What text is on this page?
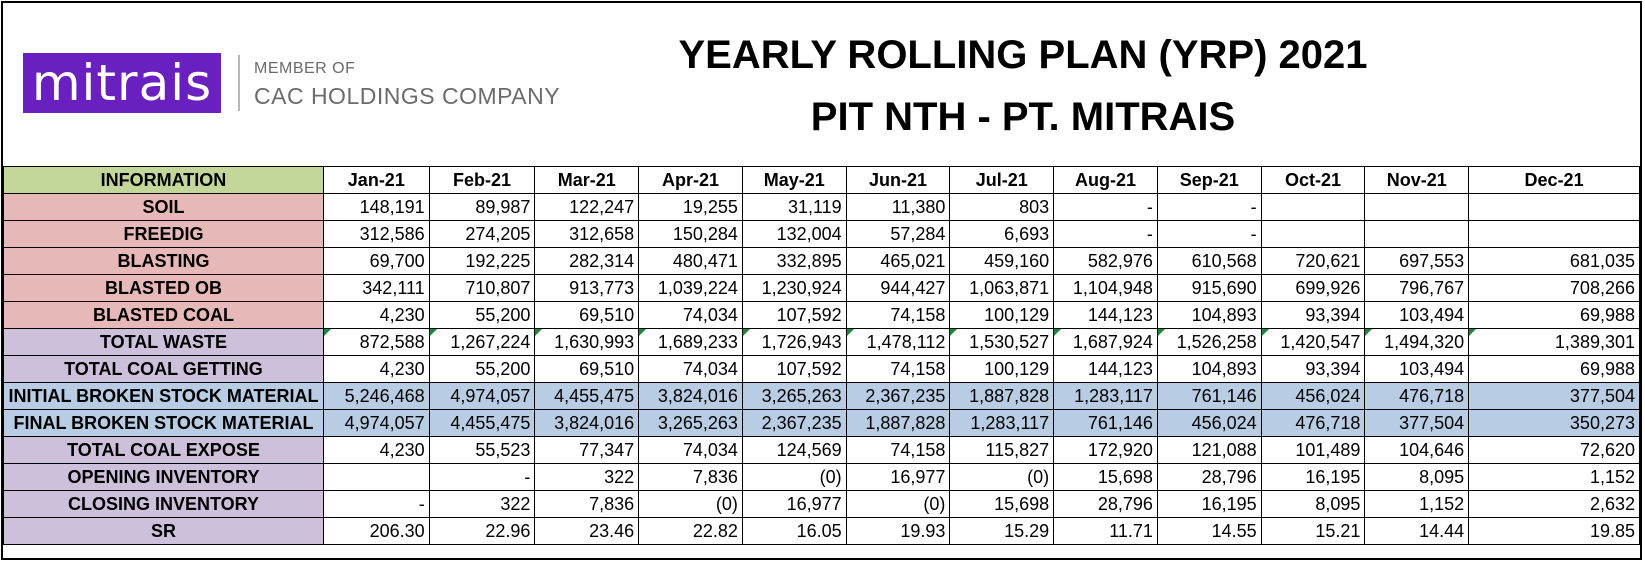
mitrais	MEMBER OF
CAC HOLDINGS COMPANY
YEARLY ROLLING PLAN (YRP) 2021
PIT NTH - PT. MITRAIS
INFORMATION	Jan-21	Feb-21	Mar-21	Apr-21	May-21	Jun-21	Jul-21	Aug-21	Sep-21	Oct-21	Nov-21	Dec-21
SOIL	148,191	89,987	122,247	19,255	31,119	11,380	803	-	-			
FREEDIG	312,586	274,205	312,658	150,284	132,004	57,284	6,693	-	-			
BLASTING	69,700	192,225	282,314	480,471	332,895	465,021	459,160	582,976	610,568	720,621	697,553	681,035
BLASTED OB	342,111	710,807	913,773	1,039,224	1,230,924	944,427	1,063,871	1,104,948	915,690	699,926	796,767	708,266
BLASTED COAL	4,230	55,200	69,510	74,034	107,592	74,158	100,129	144,123	104,893	93,394	103,494	69,988
TOTAL WASTE	872,588	1,267,224	1,630,993	1,689,233	1,726,943	1,478,112	1,530,527	1,687,924	1,526,258	1,420,547	1,494,320	1,389,301
TOTAL COAL GETTING	4,230	55,200	69,510	74,034	107,592	74,158	100,129	144,123	104,893	93,394	103,494	69,988
INITIAL BROKEN STOCK MATERIAL	5,246,468	4,974,057	4,455,475	3,824,016	3,265,263	2,367,235	1,887,828	1,283,117	761,146	456,024	476,718	377,504
FINAL BROKEN STOCK MATERIAL	4,974,057	4,455,475	3,824,016	3,265,263	2,367,235	1,887,828	1,283,117	761,146	456,024	476,718	377,504	350,273
TOTAL COAL EXPOSE	4,230	55,523	77,347	74,034	124,569	74,158	115,827	172,920	121,088	101,489	104,646	72,620
OPENING INVENTORY		-	322	7,836	(0)	16,977	(0)	15,698	28,796	16,195	8,095	1,152
CLOSING INVENTORY	-	322	7,836	(0)	16,977	(0)	15,698	28,796	16,195	8,095	1,152	2,632
SR	206.30	22.96	23.46	22.82	16.05	19.93	15.29	11.71	14.55	15.21	14.44	19.85
